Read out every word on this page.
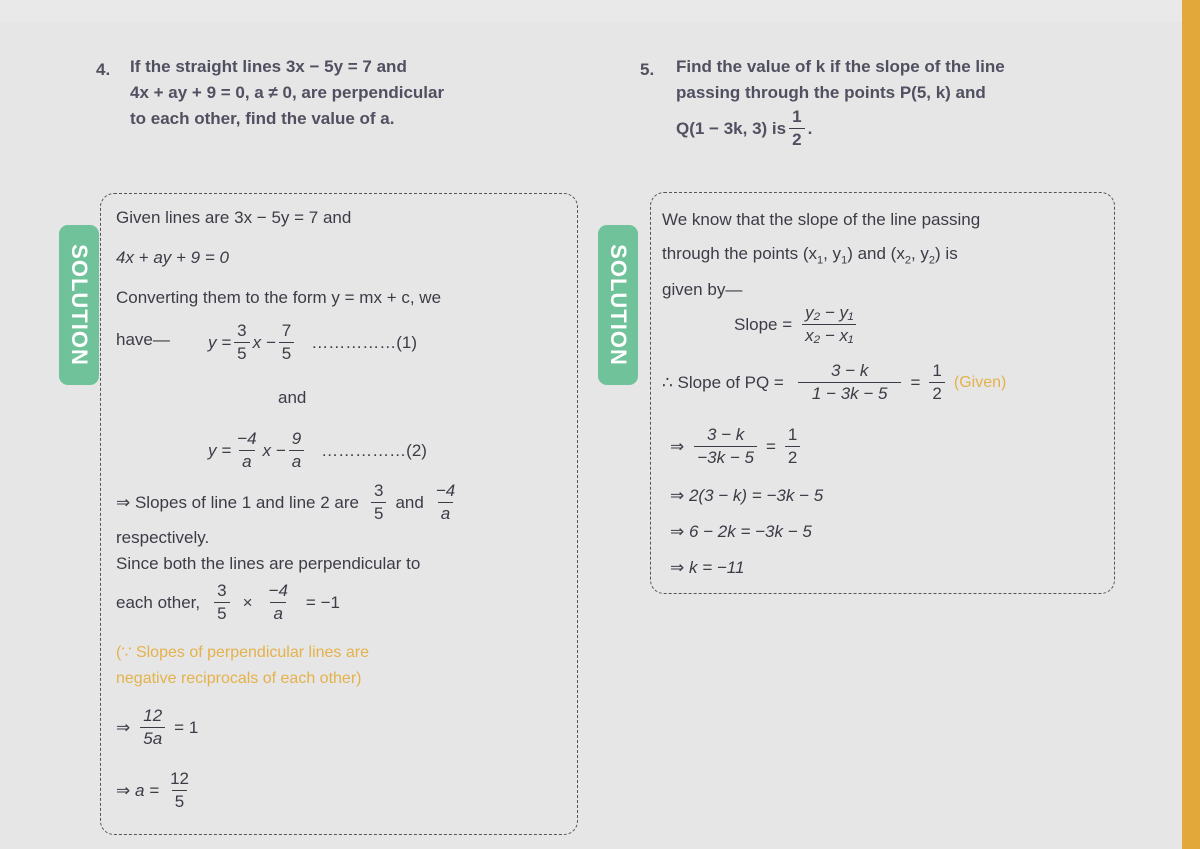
4. If the straight lines 3x − 5y = 7 and
4x + ay + 9 = 0, a ≠ 0, are perpendicular
to each other, find the value of a.
5. Find the value of k if the slope of the line
passing through the points P(5, k) and
Q(1 − 3k, 3) is $\frac{1}{2}$ .
SOLUTION
Given lines are 3x − 5y = 7 and
4x + ay + 9 = 0
Converting them to the form y = mx + c, we
have— $y = \frac{3}{5}$ $x - \frac{7}{5}$ ……………(1)
and
$y = \frac{-4}{a}$ $x - \frac{9}{a}$ ……………(2)
⇒ Slopes of line 1 and line 2 are $\frac{3}{5}$ and $\frac{-4}{a}$
respectively.
Since both the lines are perpendicular to
each other, $\frac{3}{5} \times \frac{-4}{a} = -1$
(∵ Slopes of perpendicular lines are
negative reciprocals of each other)
⇒ $\frac{12}{5a} = 1$
⇒ $a = \frac{12}{5}$
SOLUTION
We know that the slope of the line passing
through the points ($x_1$, $y_1$) and ($x_2$, $y_2$) is
given by—
Slope = $\frac{\text{y₂ − y₁}}{\text{x₂ − x₁}}$
∴ Slope of PQ = $\frac{3 - k}{1 - 3k - 5} = \frac{1}{2}$ (Given)
⇒ $\frac{3 - k}{-3k - 5} = \frac{1}{2}$
⇒ 2(3 − k) = −3k − 5
⇒ 6 − 2k = −3k − 5
⇒ k = −11
